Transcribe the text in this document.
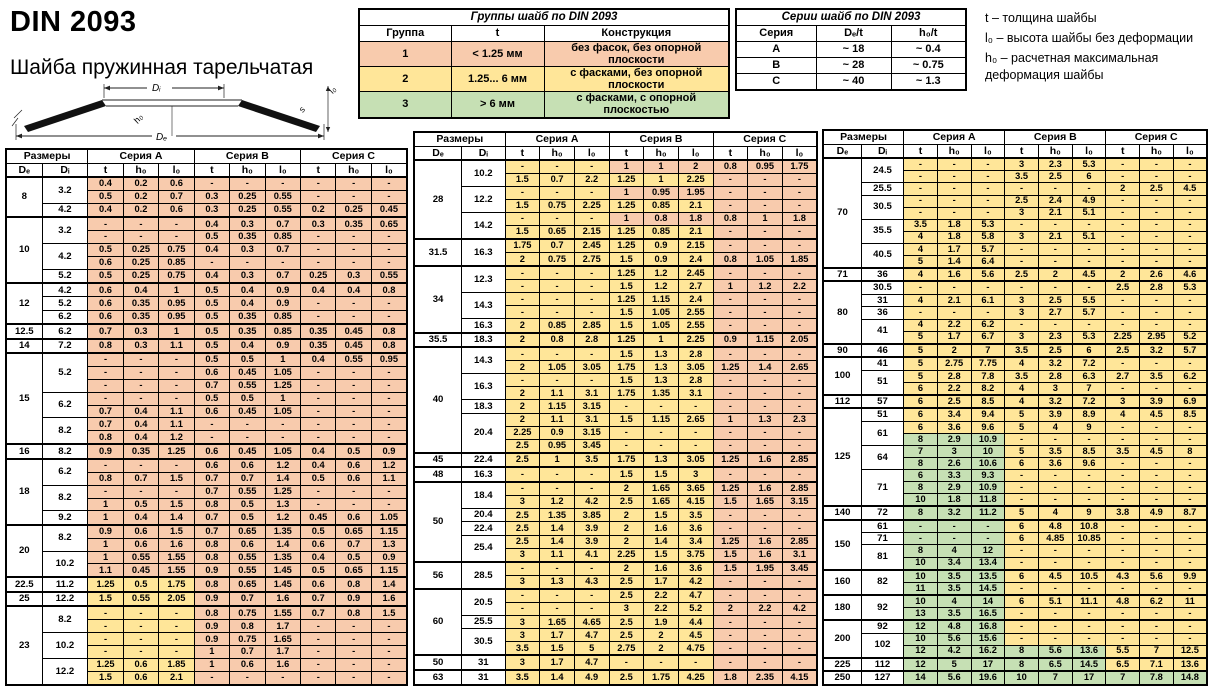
DIN 2093
Шайба пружинная тарельчатая
Dᵢ
h₀
s
l₀
Dₑ
Группы шайб по DIN 2093		
Группа	t	Конструкция
1	< 1.25 мм	без фасок, без опорной плоскости
2	1.25... 6 мм	с фасками, без опорной плоскости
3	> 6 мм	с фасками, с опорной плоскостью
Серии шайб по DIN 2093		
Серия	Dₑ/t	h₀/t
A	~ 18	~ 0.4
B	~ 28	~ 0.75
C	~ 40	~ 1.3
t – толщина шайбы
l₀ – высота шайбы без деформации
h₀ – расчетная максимальная деформация шайбы
Размеры		Серия A			Серия B			Серия C		
Dₑ	Dᵢ	t	h₀	l₀	t	h₀	l₀	t	h₀	l₀
8	3.2	0.4	0.2	0.6	-	-	-	-	-	-
		0.5	0.2	0.7	0.3	0.25	0.55	-	-	-
	4.2	0.4	0.2	0.6	0.3	0.25	0.55	0.2	0.25	0.45
10	3.2	-	-	-	0.4	0.3	0.7	0.3	0.35	0.65
		-	-	-	0.5	0.35	0.85	-	-	-
	4.2	0.5	0.25	0.75	0.4	0.3	0.7	-	-	-
		0.6	0.25	0.85	-	-	-	-	-	-
	5.2	0.5	0.25	0.75	0.4	0.3	0.7	0.25	0.3	0.55
12	4.2	0.6	0.4	1	0.5	0.4	0.9	0.4	0.4	0.8
	5.2	0.6	0.35	0.95	0.5	0.4	0.9	-	-	-
	6.2	0.6	0.35	0.95	0.5	0.35	0.85	-	-	-
12.5	6.2	0.7	0.3	1	0.5	0.35	0.85	0.35	0.45	0.8
14	7.2	0.8	0.3	1.1	0.5	0.4	0.9	0.35	0.45	0.8
15	5.2	-	-	-	0.5	0.5	1	0.4	0.55	0.95
		-	-	-	0.6	0.45	1.05	-	-	-
		-	-	-	0.7	0.55	1.25	-	-	-
	6.2	-	-	-	0.5	0.5	1	-	-	-
		0.7	0.4	1.1	0.6	0.45	1.05	-	-	-
	8.2	0.7	0.4	1.1	-	-	-	-	-	-
		0.8	0.4	1.2	-	-	-	-	-	-
16	8.2	0.9	0.35	1.25	0.6	0.45	1.05	0.4	0.5	0.9
18	6.2	-	-	-	0.6	0.6	1.2	0.4	0.6	1.2
		0.8	0.7	1.5	0.7	0.7	1.4	0.5	0.6	1.1
	8.2	-	-	-	0.7	0.55	1.25	-	-	-
		1	0.5	1.5	0.8	0.5	1.3	-	-	-
	9.2	1	0.4	1.4	0.7	0.5	1.2	0.45	0.6	1.05
20	8.2	0.9	0.6	1.5	0.7	0.65	1.35	0.5	0.65	1.15
		1	0.6	1.6	0.8	0.6	1.4	0.6	0.7	1.3
	10.2	1	0.55	1.55	0.8	0.55	1.35	0.4	0.5	0.9
		1.1	0.45	1.55	0.9	0.55	1.45	0.5	0.65	1.15
22.5	11.2	1.25	0.5	1.75	0.8	0.65	1.45	0.6	0.8	1.4
25	12.2	1.5	0.55	2.05	0.9	0.7	1.6	0.7	0.9	1.6
23	8.2	-	-	-	0.8	0.75	1.55	0.7	0.8	1.5
		-	-	-	0.9	0.8	1.7	-	-	-
	10.2	-	-	-	0.9	0.75	1.65	-	-	-
		-	-	-	1	0.7	1.7	-	-	-
	12.2	1.25	0.6	1.85	1	0.6	1.6	-	-	-
		1.5	0.6	2.1	-	-	-	-	-	-
Размеры		Серия A			Серия B			Серия C		
Dₑ	Dᵢ	t	h₀	l₀	t	h₀	l₀	t	h₀	l₀
28	10.2	-	-	-	1	1	2	0.8	0.95	1.75
		1.5	0.7	2.2	1.25	1	2.25	-	-	-
	12.2	-	-	-	1	0.95	1.95	-	-	-
		1.5	0.75	2.25	1.25	0.85	2.1	-	-	-
	14.2	-	-	-	1	0.8	1.8	0.8	1	1.8
		1.5	0.65	2.15	1.25	0.85	2.1	-	-	-
31.5	16.3	1.75	0.7	2.45	1.25	0.9	2.15	-	-	-
		2	0.75	2.75	1.5	0.9	2.4	0.8	1.05	1.85
34	12.3	-	-	-	1.25	1.2	2.45	-	-	-
		-	-	-	1.5	1.2	2.7	1	1.2	2.2
	14.3	-	-	-	1.25	1.15	2.4	-	-	-
		-	-	-	1.5	1.05	2.55	-	-	-
	16.3	2	0.85	2.85	1.5	1.05	2.55	-	-	-
35.5	18.3	2	0.8	2.8	1.25	1	2.25	0.9	1.15	2.05
40	14.3	-	-	-	1.5	1.3	2.8	-	-	-
		2	1.05	3.05	1.75	1.3	3.05	1.25	1.4	2.65
	16.3	-	-	-	1.5	1.3	2.8	-	-	-
		2	1.1	3.1	1.75	1.35	3.1	-	-	-
	18.3	2	1.15	3.15	-	-	-	-	-	-
	20.4	2	1.1	3.1	1.5	1.15	2.65	1	1.3	2.3
		2.25	0.9	3.15	-	-	-	-	-	-
		2.5	0.95	3.45	-	-	-	-	-	-
45	22.4	2.5	1	3.5	1.75	1.3	3.05	1.25	1.6	2.85
48	16.3	-	-	-	1.5	1.5	3	-	-	-
50	18.4	-	-	-	2	1.65	3.65	1.25	1.6	2.85
		3	1.2	4.2	2.5	1.65	4.15	1.5	1.65	3.15
	20.4	2.5	1.35	3.85	2	1.5	3.5	-	-	-
	22.4	2.5	1.4	3.9	2	1.6	3.6	-	-	-
	25.4	2.5	1.4	3.9	2	1.4	3.4	1.25	1.6	2.85
		3	1.1	4.1	2.25	1.5	3.75	1.5	1.6	3.1
56	28.5	-	-	-	2	1.6	3.6	1.5	1.95	3.45
		3	1.3	4.3	2.5	1.7	4.2	-	-	-
60	20.5	-	-	-	2.5	2.2	4.7	-	-	-
		-	-	-	3	2.2	5.2	2	2.2	4.2
	25.5	3	1.65	4.65	2.5	1.9	4.4	-	-	-
	30.5	3	1.7	4.7	2.5	2	4.5	-	-	-
		3.5	1.5	5	2.75	2	4.75	-	-	-
50	31	3	1.7	4.7	-	-	-	-	-	-
63	31	3.5	1.4	4.9	2.5	1.75	4.25	1.8	2.35	4.15
Размеры		Серия A			Серия B			Серия C		
Dₑ	Dᵢ	t	h₀	l₀	t	h₀	l₀	t	h₀	l₀
70	24.5	-	-	-	3	2.3	5.3	-	-	-
		-	-	-	3.5	2.5	6	-	-	-
	25.5	-	-	-	-	-	-	2	2.5	4.5
	30.5	-	-	-	2.5	2.4	4.9	-	-	-
		-	-	-	3	2.1	5.1	-	-	-
	35.5	3.5	1.8	5.3	-	-	-	-	-	-
		4	1.8	5.8	3	2.1	5.1	-	-	-
	40.5	4	1.7	5.7	-	-	-	-	-	-
		5	1.4	6.4	-	-	-	-	-	-
71	36	4	1.6	5.6	2.5	2	4.5	2	2.6	4.6
80	30.5	-	-	-	-	-	-	2.5	2.8	5.3
	31	4	2.1	6.1	3	2.5	5.5	-	-	-
	36	-	-	-	3	2.7	5.7	-	-	-
	41	4	2.2	6.2	-	-	-	-	-	-
		5	1.7	6.7	3	2.3	5.3	2.25	2.95	5.2
90	46	5	2	7	3.5	2.5	6	2.5	3.2	5.7
100	41	5	2.75	7.75	4	3.2	7.2	-	-	-
	51	5	2.8	7.8	3.5	2.8	6.3	2.7	3.5	6.2
		6	2.2	8.2	4	3	7	-	-	-
112	57	6	2.5	8.5	4	3.2	7.2	3	3.9	6.9
125	51	6	3.4	9.4	5	3.9	8.9	4	4.5	8.5
	61	6	3.6	9.6	5	4	9	-	-	-
		8	2.9	10.9	-	-	-	-	-	-
	64	7	3	10	5	3.5	8.5	3.5	4.5	8
		8	2.6	10.6	6	3.6	9.6	-	-	-
	71	6	3.3	9.3	-	-	-	-	-	-
		8	2.9	10.9	-	-	-	-	-	-
		10	1.8	11.8	-	-	-	-	-	-
140	72	8	3.2	11.2	5	4	9	3.8	4.9	8.7
150	61	-	-	-	6	4.8	10.8	-	-	-
	71	-	-	-	6	4.85	10.85	-	-	-
	81	8	4	12	-	-	-	-	-	-
		10	3.4	13.4	-	-	-	-	-	-
160	82	10	3.5	13.5	6	4.5	10.5	4.3	5.6	9.9
		11	3.5	14.5	-	-	-	-	-	-
180	92	10	4	14	6	5.1	11.1	4.8	6.2	11
		13	3.5	16.5	-	-	-	-	-	-
200	92	12	4.8	16.8	-	-	-	-	-	-
	102	10	5.6	15.6	-	-	-	-	-	-
		12	4.2	16.2	8	5.6	13.6	5.5	7	12.5
225	112	12	5	17	8	6.5	14.5	6.5	7.1	13.6
250	127	14	5.6	19.6	10	7	17	7	7.8	14.8
